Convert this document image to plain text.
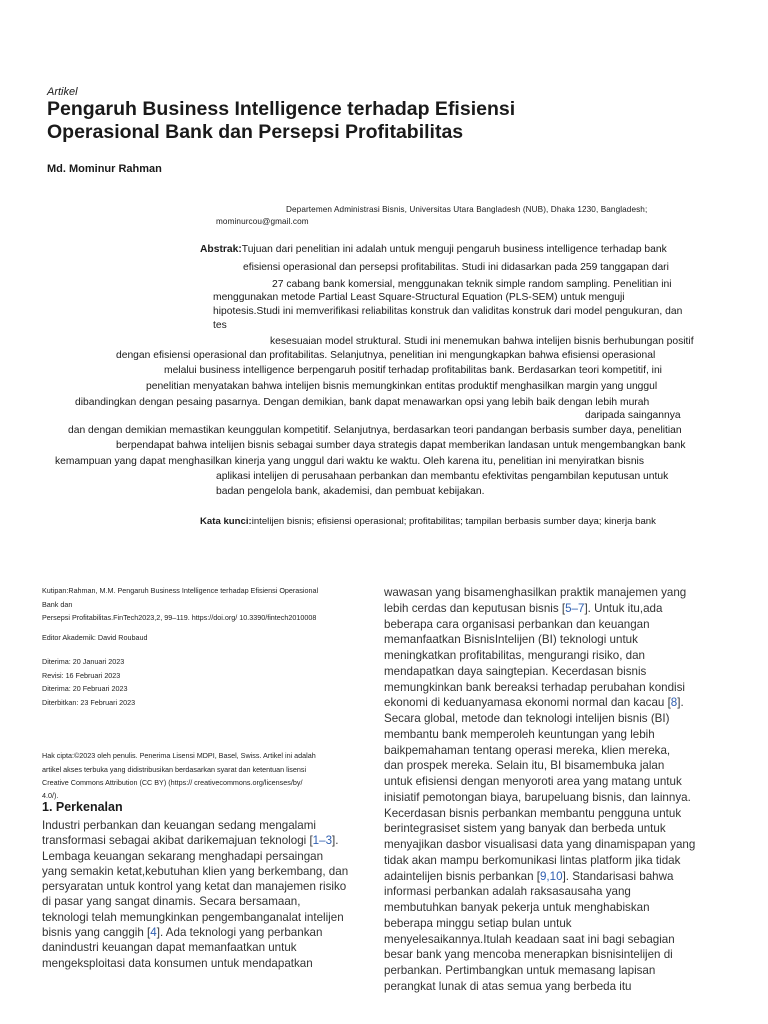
Artikel
Pengaruh Business Intelligence terhadap Efisiensi
Operasional Bank dan Persepsi Profitabilitas
Md. Mominur Rahman
Departemen Administrasi Bisnis, Universitas Utara Bangladesh (NUB), Dhaka 1230, Bangladesh;
mominurcou@gmail.com
Abstrak:Tujuan dari penelitian ini adalah untuk menguji pengaruh business intelligence terhadap bank
efisiensi operasional dan persepsi profitabilitas. Studi ini didasarkan pada 259 tanggapan dari
27 cabang bank komersial, menggunakan teknik simple random sampling. Penelitian ini
menggunakan metode Partial Least Square-Structural Equation (PLS-SEM) untuk menguji
hipotesis.Studi ini memverifikasi reliabilitas konstruk dan validitas konstruk dari model pengukuran, dan
tes
kesesuaian model struktural. Studi ini menemukan bahwa intelijen bisnis berhubungan positif
dengan efisiensi operasional dan profitabilitas. Selanjutnya, penelitian ini mengungkapkan bahwa efisiensi operasional
melalui business intelligence berpengaruh positif terhadap profitabilitas bank. Berdasarkan teori kompetitif, ini
penelitian menyatakan bahwa intelijen bisnis memungkinkan entitas produktif menghasilkan margin yang unggul
dibandingkan dengan pesaing pasarnya. Dengan demikian, bank dapat menawarkan opsi yang lebih baik dengan lebih murah
daripada saingannya
dan dengan demikian memastikan keunggulan kompetitif. Selanjutnya, berdasarkan teori pandangan berbasis sumber daya, penelitian
berpendapat bahwa intelijen bisnis sebagai sumber daya strategis dapat memberikan landasan untuk mengembangkan bank
kemampuan yang dapat menghasilkan kinerja yang unggul dari waktu ke waktu. Oleh karena itu, penelitian ini menyiratkan bisnis
aplikasi intelijen di perusahaan perbankan dan membantu efektivitas pengambilan keputusan untuk
badan pengelola bank, akademisi, dan pembuat kebijakan.
Kata kunci:intelijen bisnis; efisiensi operasional; profitabilitas; tampilan berbasis sumber daya; kinerja bank
Kutipan:Rahman, M.M. Pengaruh Business Intelligence terhadap Efisiensi Operasional
Bank dan
Persepsi Profitabilitas.FinTech2023,2, 99–119. https://doi.org/ 10.3390/fintech2010008
Editor Akademik: David Roubaud
Diterima: 20 Januari 2023
Revisi: 16 Februari 2023
Diterima: 20 Februari 2023
Diterbitkan: 23 Februari 2023
Hak cipta:©2023 oleh penulis. Penerima Lisensi MDPI, Basel, Swiss. Artikel ini adalah
artikel akses terbuka yang didistribusikan berdasarkan syarat dan ketentuan lisensi
Creative Commons Attribution (CC BY) (https:// creativecommons.org/licenses/by/
4.0/).
1. Perkenalan
Industri perbankan dan keuangan sedang mengalami
transformasi sebagai akibat darikemajuan teknologi [1–3].
Lembaga keuangan sekarang menghadapi persaingan
yang semakin ketat,kebutuhan klien yang berkembang, dan
persyaratan untuk kontrol yang ketat dan manajemen risiko
di pasar yang sangat dinamis. Secara bersamaan,
teknologi telah memungkinkan pengembanganalat intelijen
bisnis yang canggih [4]. Ada teknologi yang perbankan
danindustri keuangan dapat memanfaatkan untuk
mengeksploitasi data konsumen untuk mendapatkan
wawasan yang bisamenghasilkan praktik manajemen yang
lebih cerdas dan keputusan bisnis [5–7]. Untuk itu,ada
beberapa cara organisasi perbankan dan keuangan
memanfaatkan BisnisIntelijen (BI) teknologi untuk
meningkatkan profitabilitas, mengurangi risiko, dan
mendapatkan daya saingtepian. Kecerdasan bisnis
memungkinkan bank bereaksi terhadap perubahan kondisi
ekonomi di keduanyamasa ekonomi normal dan kacau [8].
Secara global, metode dan teknologi intelijen bisnis (BI)
membantu bank memperoleh keuntungan yang lebih
baikpemahaman tentang operasi mereka, klien mereka,
dan prospek mereka. Selain itu, BI bisamembuka jalan
untuk efisiensi dengan menyoroti area yang matang untuk
inisiatif pemotongan biaya, barupeluang bisnis, dan lainnya.
Kecerdasan bisnis perbankan membantu pengguna untuk
berintegrasiset sistem yang banyak dan berbeda untuk
menyajikan dasbor visualisasi data yang dinamispapan yang
tidak akan mampu berkomunikasi lintas platform jika tidak
adaintelijen bisnis perbankan [9,10]. Standarisasi bahwa
informasi perbankan adalah raksasausaha yang
membutuhkan banyak pekerja untuk menghabiskan
beberapa minggu setiap bulan untuk
menyelesaikannya.Itulah keadaan saat ini bagi sebagian
besar bank yang mencoba menerapkan bisnisintelijen di
perbankan. Pertimbangkan untuk memasang lapisan
perangkat lunak di atas semua yang berbeda itu
